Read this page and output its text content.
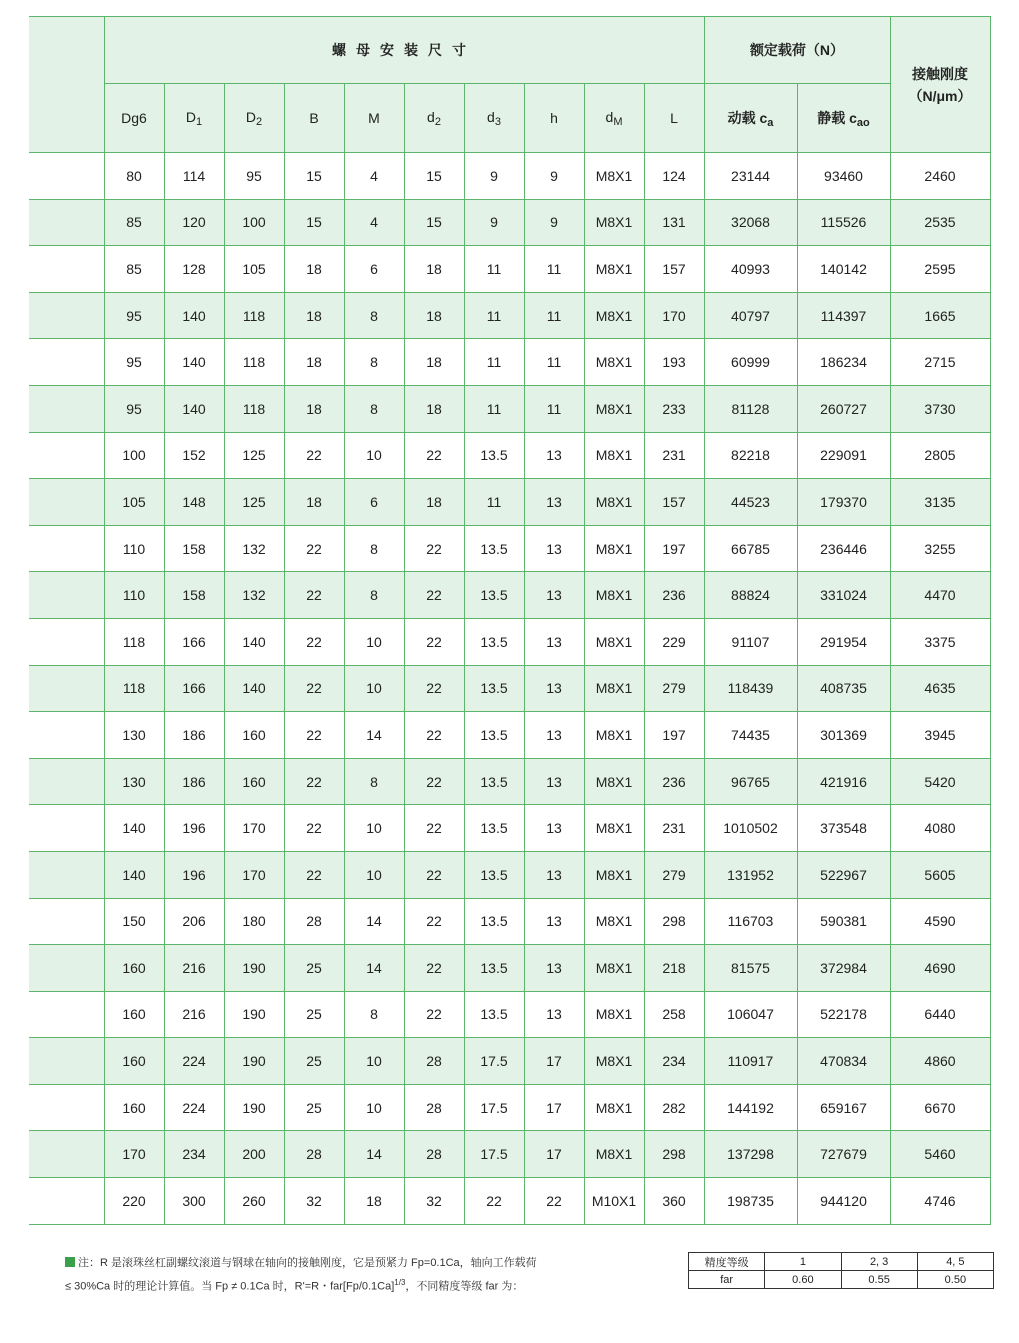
	螺母安装尺寸										额定载荷（N）		接触刚度
（N/μm）
	Dg6	$D_1$	$D_2$	B	M	$d_2$	$d_3$	h	$d_M$	L	动载 $c_a$	静载 $c_{ao}$
	80	114	95	15	4	15	9	9	M8X1	124	23144	93460	2460
	85	120	100	15	4	15	9	9	M8X1	131	32068	115526	2535
	85	128	105	18	6	18	11	11	M8X1	157	40993	140142	2595
	95	140	118	18	8	18	11	11	M8X1	170	40797	114397	1665
	95	140	118	18	8	18	11	11	M8X1	193	60999	186234	2715
	95	140	118	18	8	18	11	11	M8X1	233	81128	260727	3730
	100	152	125	22	10	22	13.5	13	M8X1	231	82218	229091	2805
	105	148	125	18	6	18	11	13	M8X1	157	44523	179370	3135
	110	158	132	22	8	22	13.5	13	M8X1	197	66785	236446	3255
	110	158	132	22	8	22	13.5	13	M8X1	236	88824	331024	4470
	118	166	140	22	10	22	13.5	13	M8X1	229	91107	291954	3375
	118	166	140	22	10	22	13.5	13	M8X1	279	118439	408735	4635
	130	186	160	22	14	22	13.5	13	M8X1	197	74435	301369	3945
	130	186	160	22	8	22	13.5	13	M8X1	236	96765	421916	5420
	140	196	170	22	10	22	13.5	13	M8X1	231	1010502	373548	4080
	140	196	170	22	10	22	13.5	13	M8X1	279	131952	522967	5605
	150	206	180	28	14	22	13.5	13	M8X1	298	116703	590381	4590
	160	216	190	25	14	22	13.5	13	M8X1	218	81575	372984	4690
	160	216	190	25	8	22	13.5	13	M8X1	258	106047	522178	6440
	160	224	190	25	10	28	17.5	17	M8X1	234	110917	470834	4860
	160	224	190	25	10	28	17.5	17	M8X1	282	144192	659167	6670
	170	234	200	28	14	28	17.5	17	M8X1	298	137298	727679	5460
	220	300	260	32	18	32	22	22	M10X1	360	198735	944120	4746
注：R 是滚珠丝杠副螺纹滚道与钢球在轴向的接触刚度，它是预紧力 Fp=0.1Ca，轴向工作载荷
≤ 30%Ca 时的理论计算值。当 Fp ≠ 0.1Ca 时，R'=R・$far[Fp/0.1Ca]^{1/3}$，不同精度等级 far 为：
精度等级	1	2, 3	4, 5
far	0.60	0.55	0.50
